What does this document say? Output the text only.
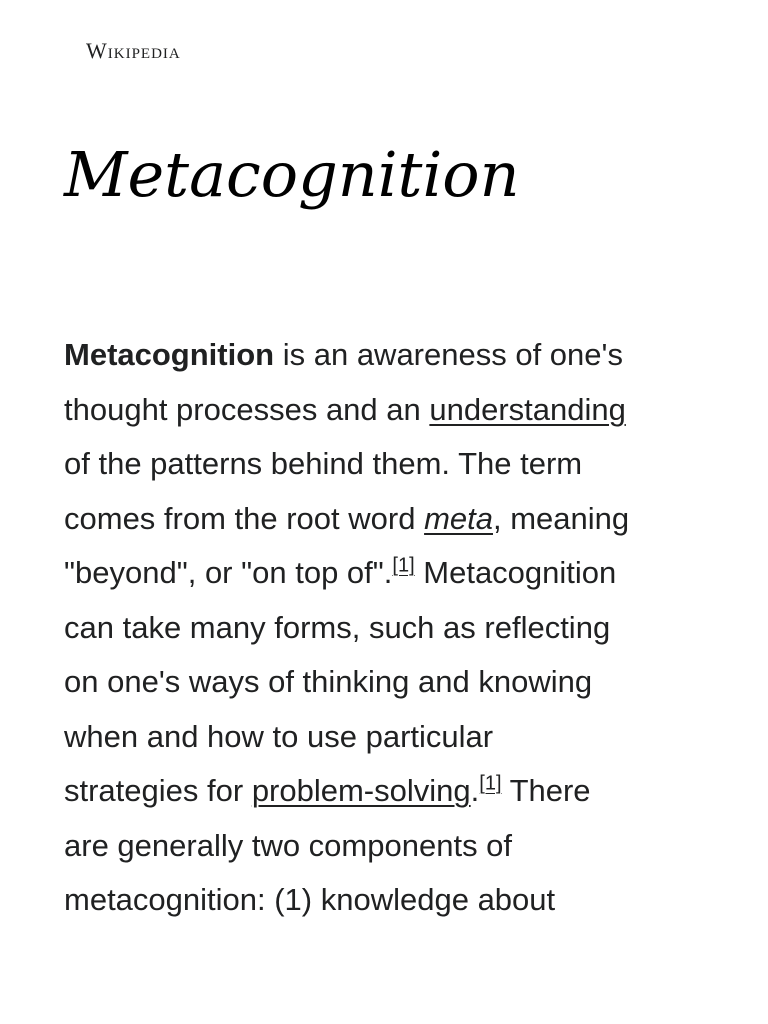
Wikipedia
Metacognition
Metacognition is an awareness of one's
thought processes and an understanding
of the patterns behind them. The term
comes from the root word meta, meaning
"beyond", or "on top of".[1] Metacognition
can take many forms, such as reflecting
on one's ways of thinking and knowing
when and how to use particular
strategies for problem-solving.[1] There
are generally two components of
metacognition: (1) knowledge about
